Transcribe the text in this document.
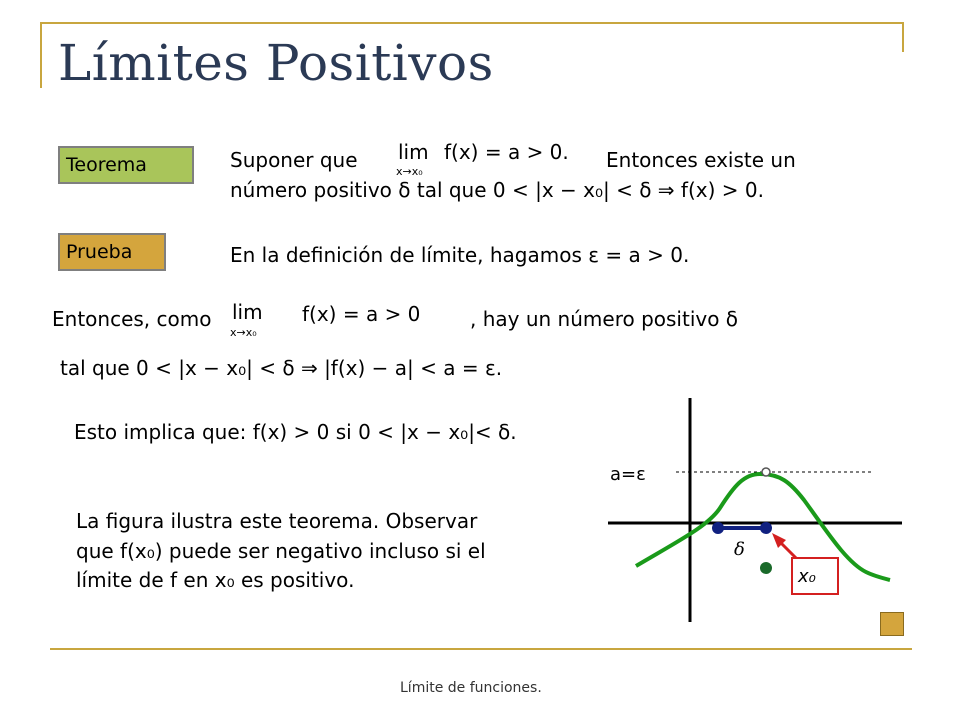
Límites Positivos
Teorema
Prueba
Suponer que lim
x→x₀
f(x) = a > 0. Entonces existe un
número positivo δ tal que 0 < |x − x₀| < δ ⇒ f(x) > 0.
En la definición de límite, hagamos ε = a > 0.
Entonces, como lim
x→x₀
f(x) = a > 0 , hay un número positivo δ
tal que 0 < |x − x₀| < δ ⇒ |f(x) − a| < a = ε.
Esto implica que: f(x) > 0 si 0 < |x − x₀|< δ.
La figura ilustra este teorema. Observar
que f(x₀) puede ser negativo incluso si el
límite de f en x₀ es positivo.
a=ε
δ
x₀
Límite de funciones.
